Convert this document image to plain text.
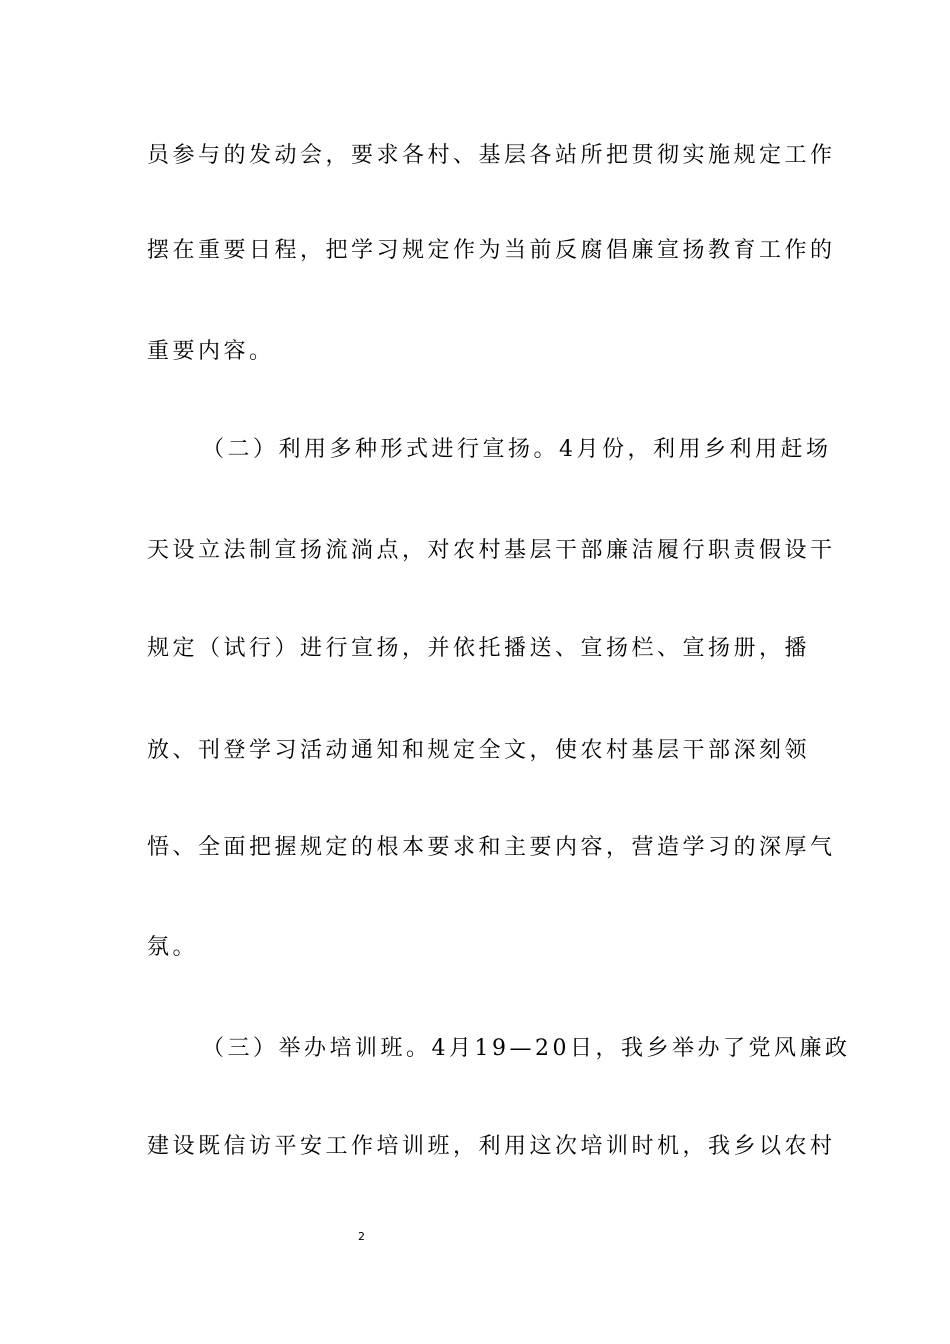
员参与的发动会，要求各村、基层各站所把贯彻实施规定工作
摆在重要日程，把学习规定作为当前反腐倡廉宣扬教育工作的
重要内容。
（二）利用多种形式进行宣扬。4月份，利用乡利用赶场
天设立法制宣扬流淌点，对农村基层干部廉洁履行职责假设干
规定（试行）进行宣扬，并依托播送、宣扬栏、宣扬册，播
放、刊登学习活动通知和规定全文，使农村基层干部深刻领
悟、全面把握规定的根本要求和主要内容，营造学习的深厚气
氛。
（三）举办培训班。4月19—20日，我乡举办了党风廉政
建设既信访平安工作培训班，利用这次培训时机，我乡以农村
2
